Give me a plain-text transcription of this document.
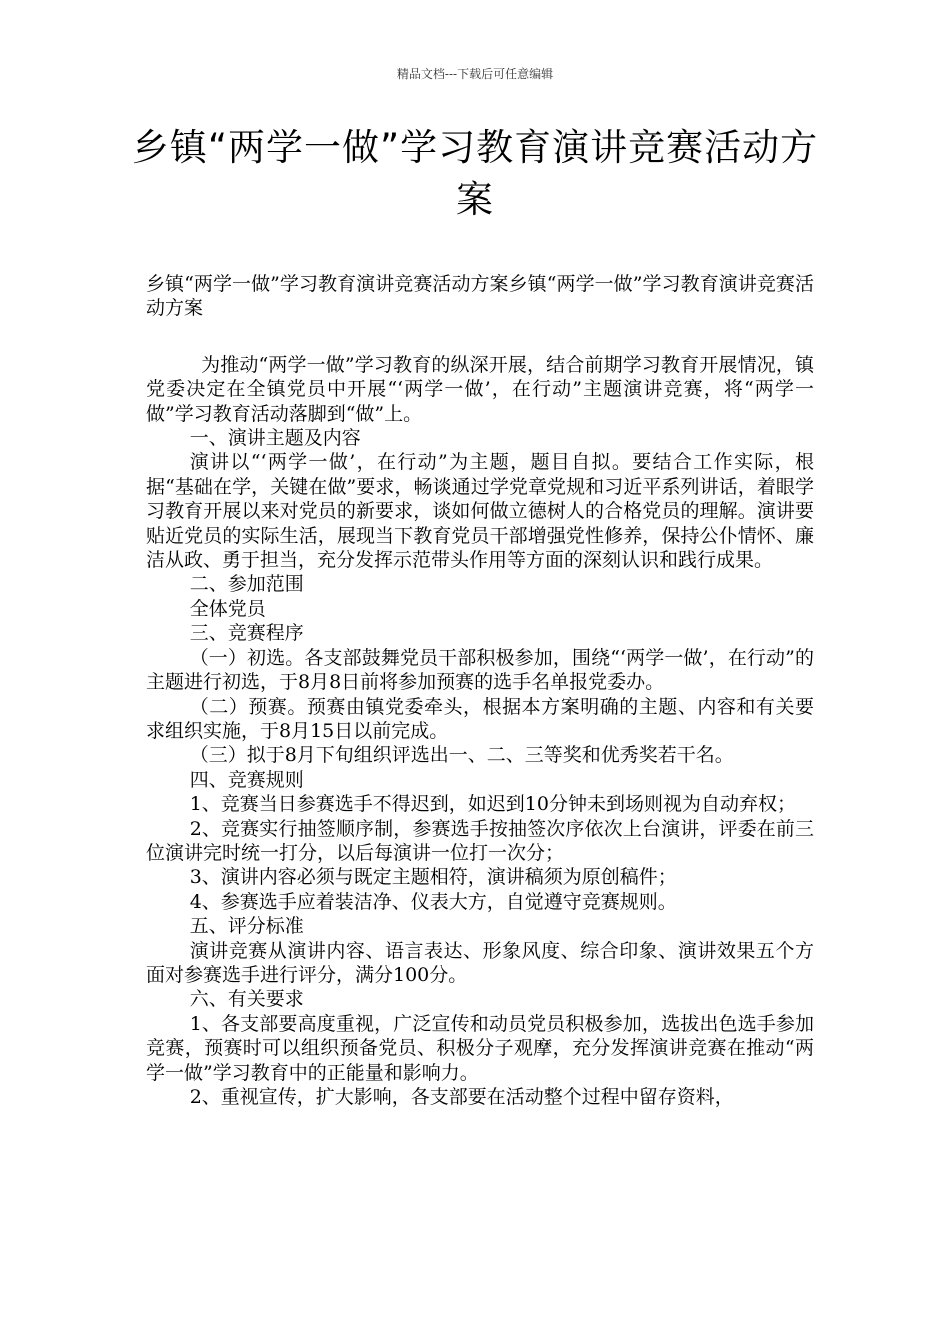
精品文档---下载后可任意编辑
乡镇“两学一做”学习教育演讲竞赛活动方案

乡镇“两学一做”学习教育演讲竞赛活动方案乡镇“两学一做”学习教育演讲竞赛活动方案

为推动“两学一做”学习教育的纵深开展，结合前期学习教育开展情况，镇党委决定在全镇党员中开展“‘两学一做’，在行动”主题演讲竞赛，将“两学一做”学习教育活动落脚到“做”上。

一、演讲主题及内容

演讲以“‘两学一做’，在行动”为主题，题目自拟。要结合工作实际，根据“基础在学，关键在做”要求，畅谈通过学党章党规和习近平系列讲话，着眼学习教育开展以来对党员的新要求，谈如何做立德树人的合格党员的理解。演讲要贴近党员的实际生活，展现当下教育党员干部增强党性修养，保持公仆情怀、廉洁从政、勇于担当，充分发挥示范带头作用等方面的深刻认识和践行成果。

二、参加范围

全体党员

三、竞赛程序

（一）初选。各支部鼓舞党员干部积极参加，围绕“‘两学一做’，在行动”的主题进行初选，于8月8日前将参加预赛的选手名单报党委办。

（二）预赛。预赛由镇党委牵头，根据本方案明确的主题、内容和有关要求组织实施，于8月15日以前完成。

（三）拟于8月下旬组织评选出一、二、三等奖和优秀奖若干名。

四、竞赛规则

1、竞赛当日参赛选手不得迟到，如迟到10分钟未到场则视为自动弃权；

2、竞赛实行抽签顺序制，参赛选手按抽签次序依次上台演讲，评委在前三位演讲完时统一打分，以后每演讲一位打一次分；

3、演讲内容必须与既定主题相符，演讲稿须为原创稿件；

4、参赛选手应着装洁净、仪表大方，自觉遵守竞赛规则。

五、评分标准

演讲竞赛从演讲内容、语言表达、形象风度、综合印象、演讲效果五个方面对参赛选手进行评分，满分100分。

六、有关要求

1、各支部要高度重视，广泛宣传和动员党员积极参加，选拔出色选手参加竞赛，预赛时可以组织预备党员、积极分子观摩，充分发挥演讲竞赛在推动“两学一做”学习教育中的正能量和影响力。

2、重视宣传，扩大影响，各支部要在活动整个过程中留存资料，
